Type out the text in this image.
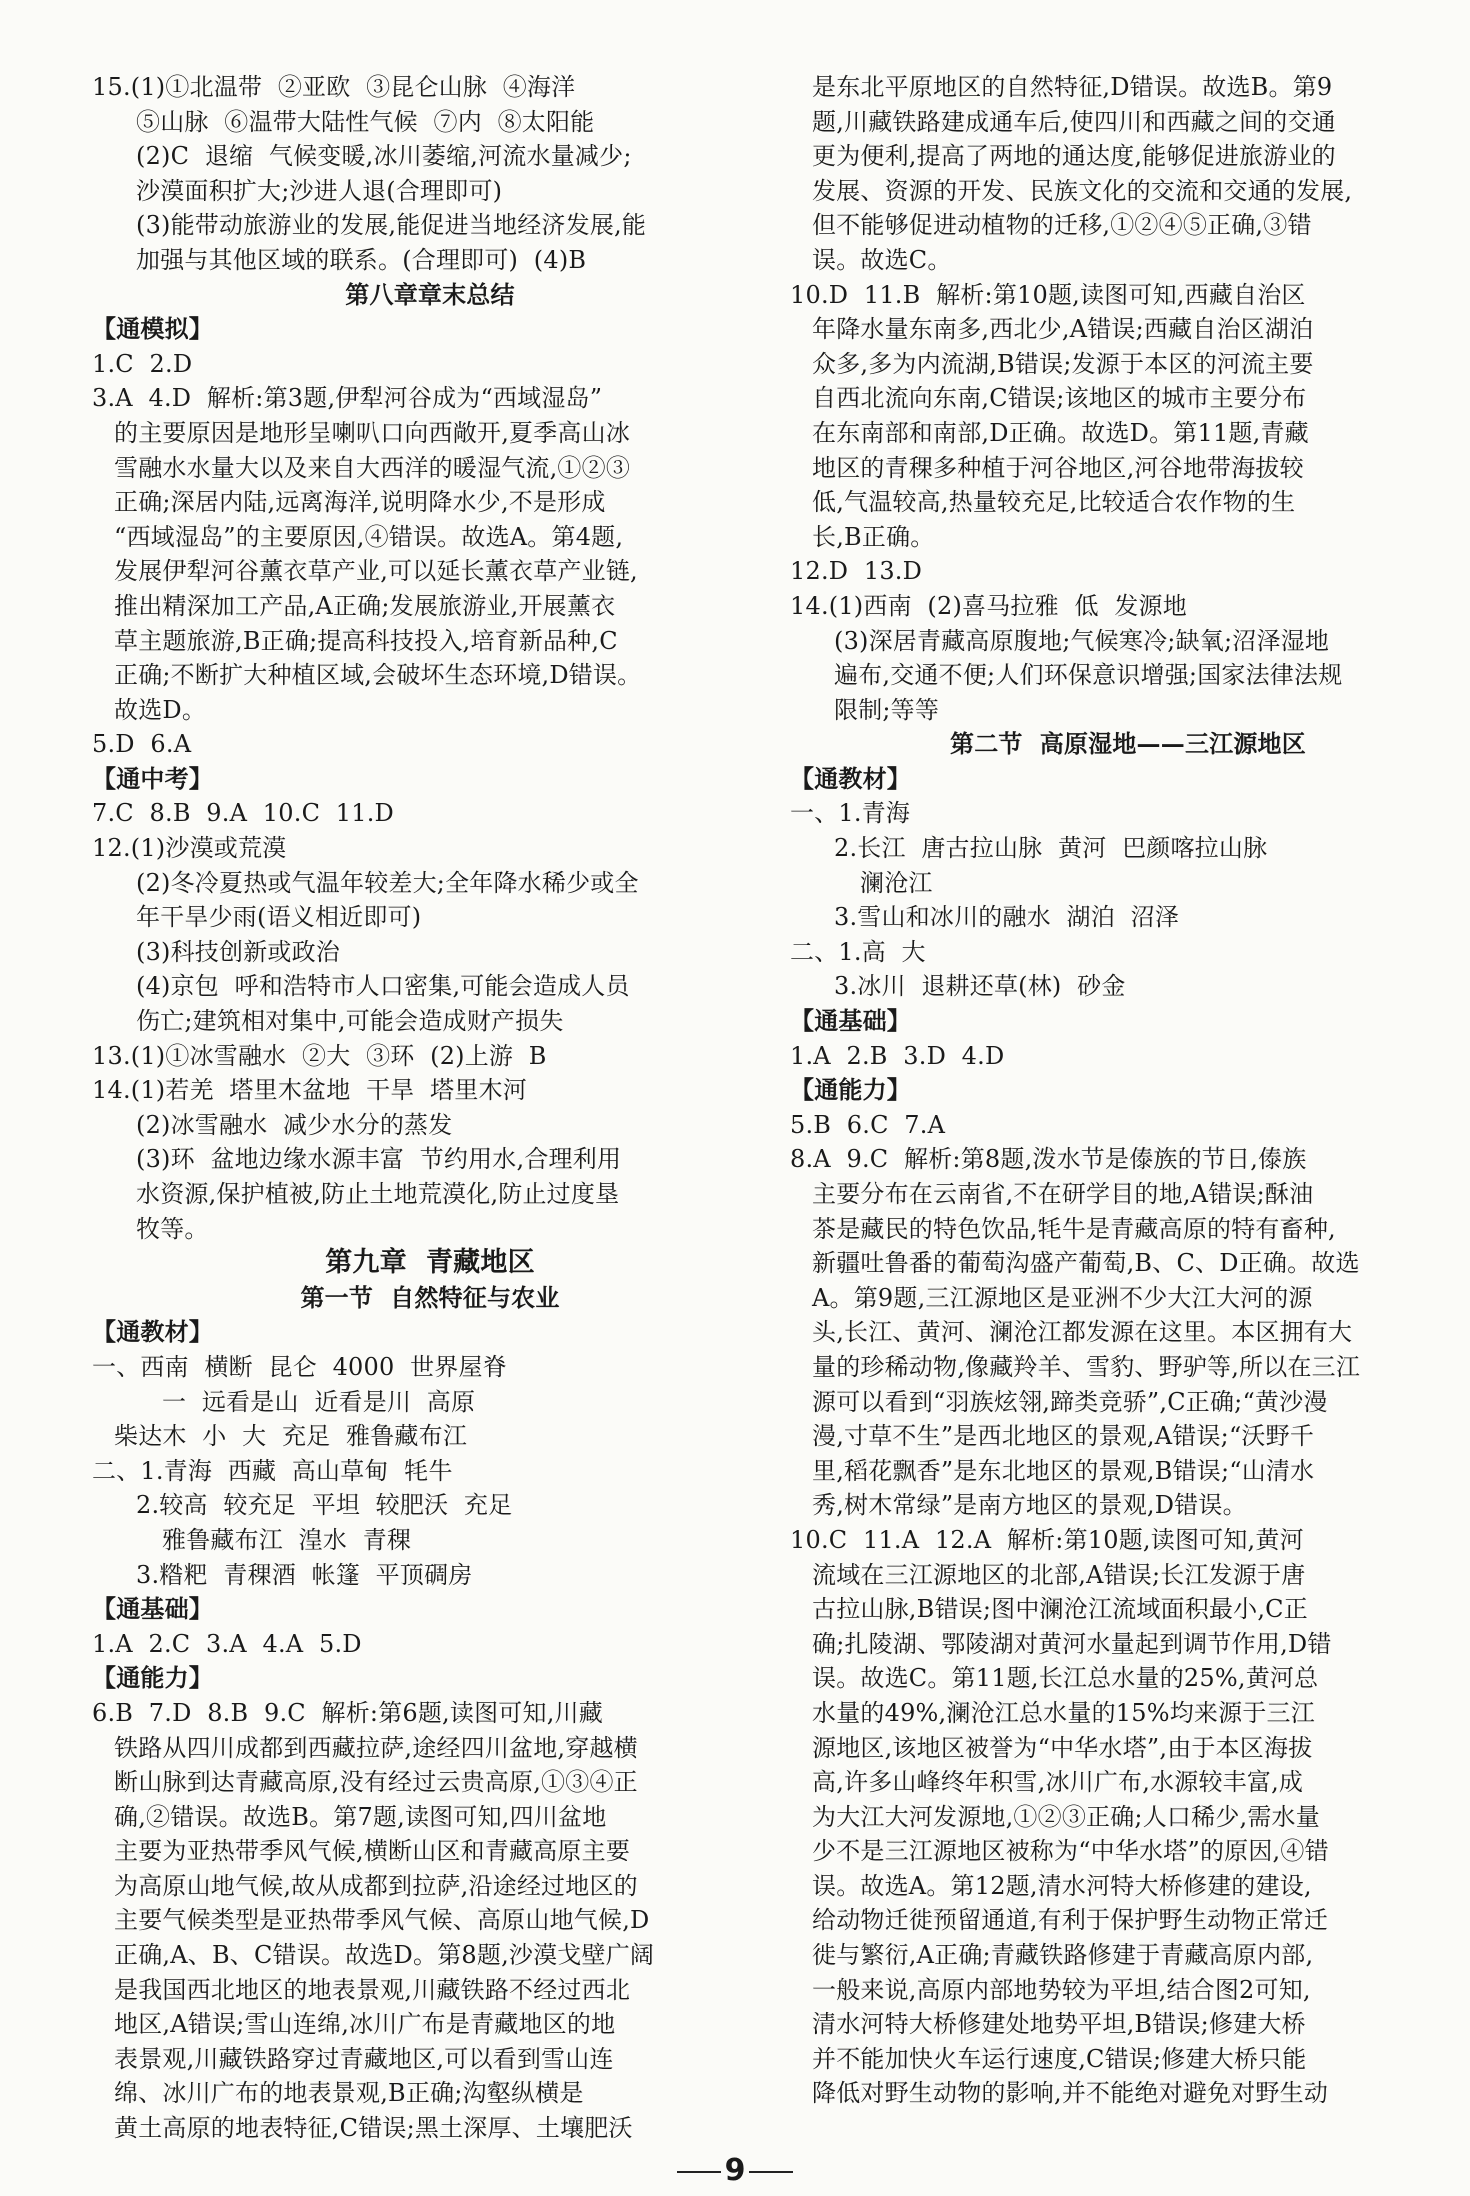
15.(1)①北温带  ②亚欧  ③昆仑山脉  ④海洋
⑤山脉  ⑥温带大陆性气候  ⑦内  ⑧太阳能
(2)C  退缩  气候变暖,冰川萎缩,河流水量减少;
沙漠面积扩大;沙进人退(合理即可)
(3)能带动旅游业的发展,能促进当地经济发展,能
加强与其他区域的联系。(合理即可)  (4)B
第八章章末总结
【通模拟】
1.C  2.D
3.A  4.D  解析:第3题,伊犁河谷成为“西域湿岛”
的主要原因是地形呈喇叭口向西敞开,夏季高山冰
雪融水水量大以及来自大西洋的暖湿气流,①②③
正确;深居内陆,远离海洋,说明降水少,不是形成
“西域湿岛”的主要原因,④错误。故选A。第4题,
发展伊犁河谷薰衣草产业,可以延长薰衣草产业链,
推出精深加工产品,A正确;发展旅游业,开展薰衣
草主题旅游,B正确;提高科技投入,培育新品种,C
正确;不断扩大种植区域,会破坏生态环境,D错误。
故选D。
5.D  6.A
【通中考】
7.C  8.B  9.A  10.C  11.D
12.(1)沙漠或荒漠
(2)冬冷夏热或气温年较差大;全年降水稀少或全
年干旱少雨(语义相近即可)
(3)科技创新或政治
(4)京包  呼和浩特市人口密集,可能会造成人员
伤亡;建筑相对集中,可能会造成财产损失
13.(1)①冰雪融水  ②大  ③环  (2)上游  B
14.(1)若羌  塔里木盆地  干旱  塔里木河
(2)冰雪融水  减少水分的蒸发
(3)环  盆地边缘水源丰富  节约用水,合理利用
水资源,保护植被,防止土地荒漠化,防止过度垦
牧等。
第九章  青藏地区
第一节  自然特征与农业
【通教材】
一、西南  横断  昆仑  4000  世界屋脊
一  远看是山  近看是川  高原
柴达木  小  大  充足  雅鲁藏布江
二、1.青海  西藏  高山草甸  牦牛
2.较高  较充足  平坦  较肥沃  充足
雅鲁藏布江  湟水  青稞
3.糌粑  青稞酒  帐篷  平顶碉房
【通基础】
1.A  2.C  3.A  4.A  5.D
【通能力】
6.B  7.D  8.B  9.C  解析:第6题,读图可知,川藏
铁路从四川成都到西藏拉萨,途经四川盆地,穿越横
断山脉到达青藏高原,没有经过云贵高原,①③④正
确,②错误。故选B。第7题,读图可知,四川盆地
主要为亚热带季风气候,横断山区和青藏高原主要
为高原山地气候,故从成都到拉萨,沿途经过地区的
主要气候类型是亚热带季风气候、高原山地气候,D
正确,A、B、C错误。故选D。第8题,沙漠戈壁广阔
是我国西北地区的地表景观,川藏铁路不经过西北
地区,A错误;雪山连绵,冰川广布是青藏地区的地
表景观,川藏铁路穿过青藏地区,可以看到雪山连
绵、冰川广布的地表景观,B正确;沟壑纵横是
黄土高原的地表特征,C错误;黑土深厚、土壤肥沃
是东北平原地区的自然特征,D错误。故选B。第9
题,川藏铁路建成通车后,使四川和西藏之间的交通
更为便利,提高了两地的通达度,能够促进旅游业的
发展、资源的开发、民族文化的交流和交通的发展,
但不能够促进动植物的迁移,①②④⑤正确,③错
误。故选C。
10.D  11.B  解析:第10题,读图可知,西藏自治区
年降水量东南多,西北少,A错误;西藏自治区湖泊
众多,多为内流湖,B错误;发源于本区的河流主要
自西北流向东南,C错误;该地区的城市主要分布
在东南部和南部,D正确。故选D。第11题,青藏
地区的青稞多种植于河谷地区,河谷地带海拔较
低,气温较高,热量较充足,比较适合农作物的生
长,B正确。
12.D  13.D
14.(1)西南  (2)喜马拉雅  低  发源地
(3)深居青藏高原腹地;气候寒冷;缺氧;沼泽湿地
遍布,交通不便;人们环保意识增强;国家法律法规
限制;等等
第二节  高原湿地——三江源地区
【通教材】
一、1.青海
2.长江  唐古拉山脉  黄河  巴颜喀拉山脉
澜沧江
3.雪山和冰川的融水  湖泊  沼泽
二、1.高  大
3.冰川  退耕还草(林)  砂金
【通基础】
1.A  2.B  3.D  4.D
【通能力】
5.B  6.C  7.A
8.A  9.C  解析:第8题,泼水节是傣族的节日,傣族
主要分布在云南省,不在研学目的地,A错误;酥油
茶是藏民的特色饮品,牦牛是青藏高原的特有畜种,
新疆吐鲁番的葡萄沟盛产葡萄,B、C、D正确。故选
A。第9题,三江源地区是亚洲不少大江大河的源
头,长江、黄河、澜沧江都发源在这里。本区拥有大
量的珍稀动物,像藏羚羊、雪豹、野驴等,所以在三江
源可以看到“羽族炫翎,蹄类竞骄”,C正确;“黄沙漫
漫,寸草不生”是西北地区的景观,A错误;“沃野千
里,稻花飘香”是东北地区的景观,B错误;“山清水
秀,树木常绿”是南方地区的景观,D错误。
10.C  11.A  12.A  解析:第10题,读图可知,黄河
流域在三江源地区的北部,A错误;长江发源于唐
古拉山脉,B错误;图中澜沧江流域面积最小,C正
确;扎陵湖、鄂陵湖对黄河水量起到调节作用,D错
误。故选C。第11题,长江总水量的25%,黄河总
水量的49%,澜沧江总水量的15%均来源于三江
源地区,该地区被誉为“中华水塔”,由于本区海拔
高,许多山峰终年积雪,冰川广布,水源较丰富,成
为大江大河发源地,①②③正确;人口稀少,需水量
少不是三江源地区被称为“中华水塔”的原因,④错
误。故选A。第12题,清水河特大桥修建的建设,
给动物迁徙预留通道,有利于保护野生动物正常迁
徙与繁衍,A正确;青藏铁路修建于青藏高原内部,
一般来说,高原内部地势较为平坦,结合图2可知,
清水河特大桥修建处地势平坦,B错误;修建大桥
并不能加快火车运行速度,C错误;修建大桥只能
降低对野生动物的影响,并不能绝对避免对野生动
9
